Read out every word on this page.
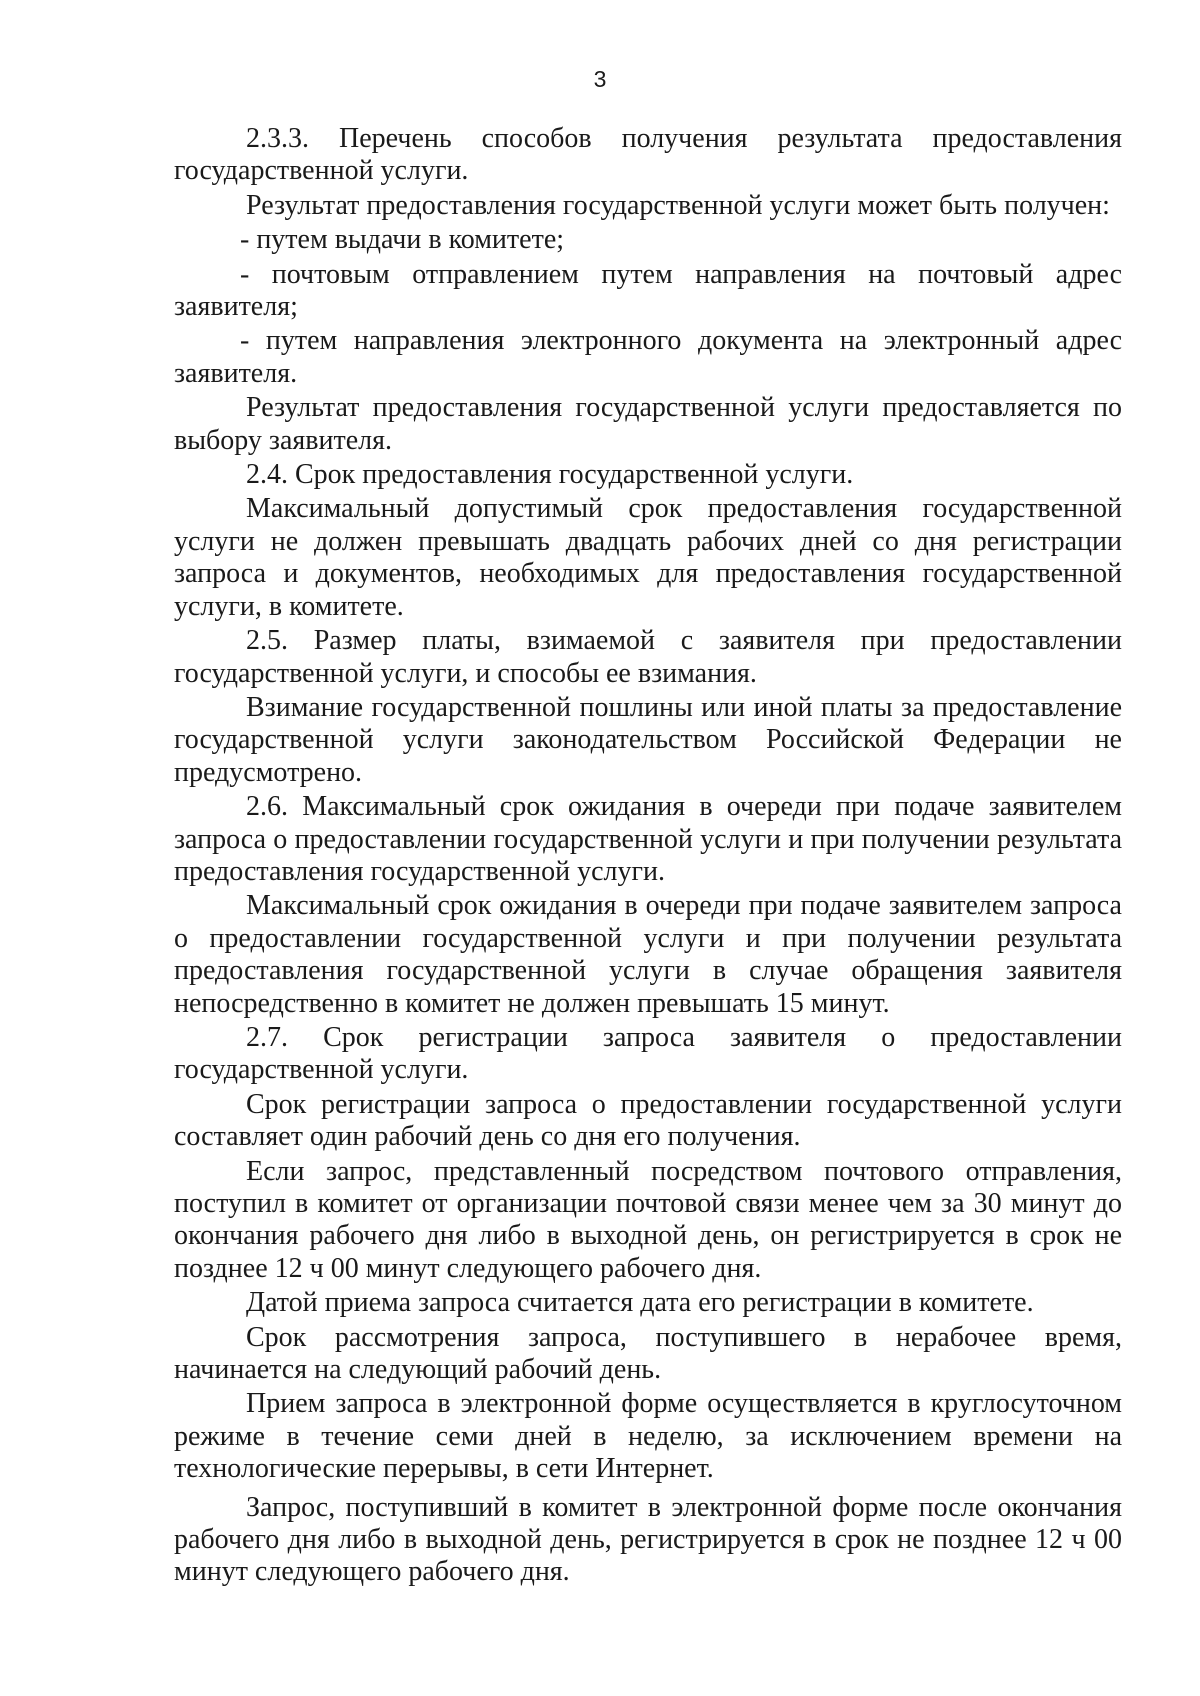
3

2.3.3. Перечень способов получения результата предоставления государственной услуги.

Результат предоставления государственной услуги может быть получен:

- путем выдачи в комитете;

- почтовым отправлением путем направления на почтовый адрес заявителя;

- путем направления электронного документа на электронный адрес заявителя.

Результат предоставления государственной услуги предоставляется по выбору заявителя.

2.4. Срок предоставления государственной услуги.

Максимальный допустимый срок предоставления государственной услуги не должен превышать двадцать рабочих дней со дня регистрации запроса и документов, необходимых для предоставления государственной услуги, в комитете.

2.5. Размер платы, взимаемой с заявителя при предоставлении государственной услуги, и способы ее взимания.

Взимание государственной пошлины или иной платы за предоставление государственной услуги законодательством Российской Федерации не предусмотрено.

2.6. Максимальный срок ожидания в очереди при подаче заявителем запроса о предоставлении государственной услуги и при получении результата предоставления государственной услуги.

Максимальный срок ожидания в очереди при подаче заявителем запроса о предоставлении государственной услуги и при получении результата предоставления государственной услуги в случае обращения заявителя непосредственно в комитет не должен превышать 15 минут.

2.7. Срок регистрации запроса заявителя о предоставлении государственной услуги.

Срок регистрации запроса о предоставлении государственной услуги составляет один рабочий день со дня его получения.

Если запрос, представленный посредством почтового отправления, поступил в комитет от организации почтовой связи менее чем за 30 минут до окончания рабочего дня либо в выходной день, он регистрируется в срок не позднее 12 ч 00 минут следующего рабочего дня.

Датой приема запроса считается дата его регистрации в комитете.

Срок рассмотрения запроса, поступившего в нерабочее время, начинается на следующий рабочий день.

Прием запроса в электронной форме осуществляется в круглосуточном режиме в течение семи дней в неделю, за исключением времени на технологические перерывы, в сети Интернет.

Запрос, поступивший в комитет в электронной форме после окончания рабочего дня либо в выходной день, регистрируется в срок не позднее 12 ч 00 минут следующего рабочего дня.
